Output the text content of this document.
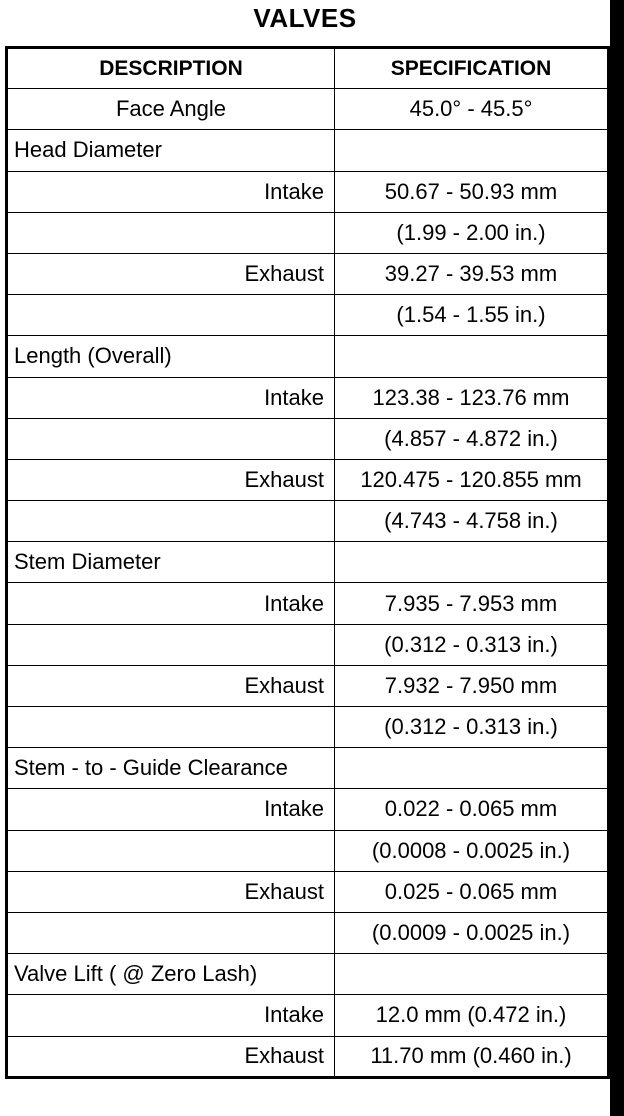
VALVES
DESCRIPTION	SPECIFICATION
Face Angle	45.0° - 45.5°
Head Diameter	
Intake	50.67 - 50.93 mm
	(1.99 - 2.00 in.)
Exhaust	39.27 - 39.53 mm
	(1.54 - 1.55 in.)
Length (Overall)	
Intake	123.38 - 123.76 mm
	(4.857 - 4.872 in.)
Exhaust	120.475 - 120.855 mm
	(4.743 - 4.758 in.)
Stem Diameter	
Intake	7.935 - 7.953 mm
	(0.312 - 0.313 in.)
Exhaust	7.932 - 7.950 mm
	(0.312 - 0.313 in.)
Stem - to - Guide Clearance	
Intake	0.022 - 0.065 mm
	(0.0008 - 0.0025 in.)
Exhaust	0.025 - 0.065 mm
	(0.0009 - 0.0025 in.)
Valve Lift ( @ Zero Lash)	
Intake	12.0 mm (0.472 in.)
Exhaust	11.70 mm (0.460 in.)
